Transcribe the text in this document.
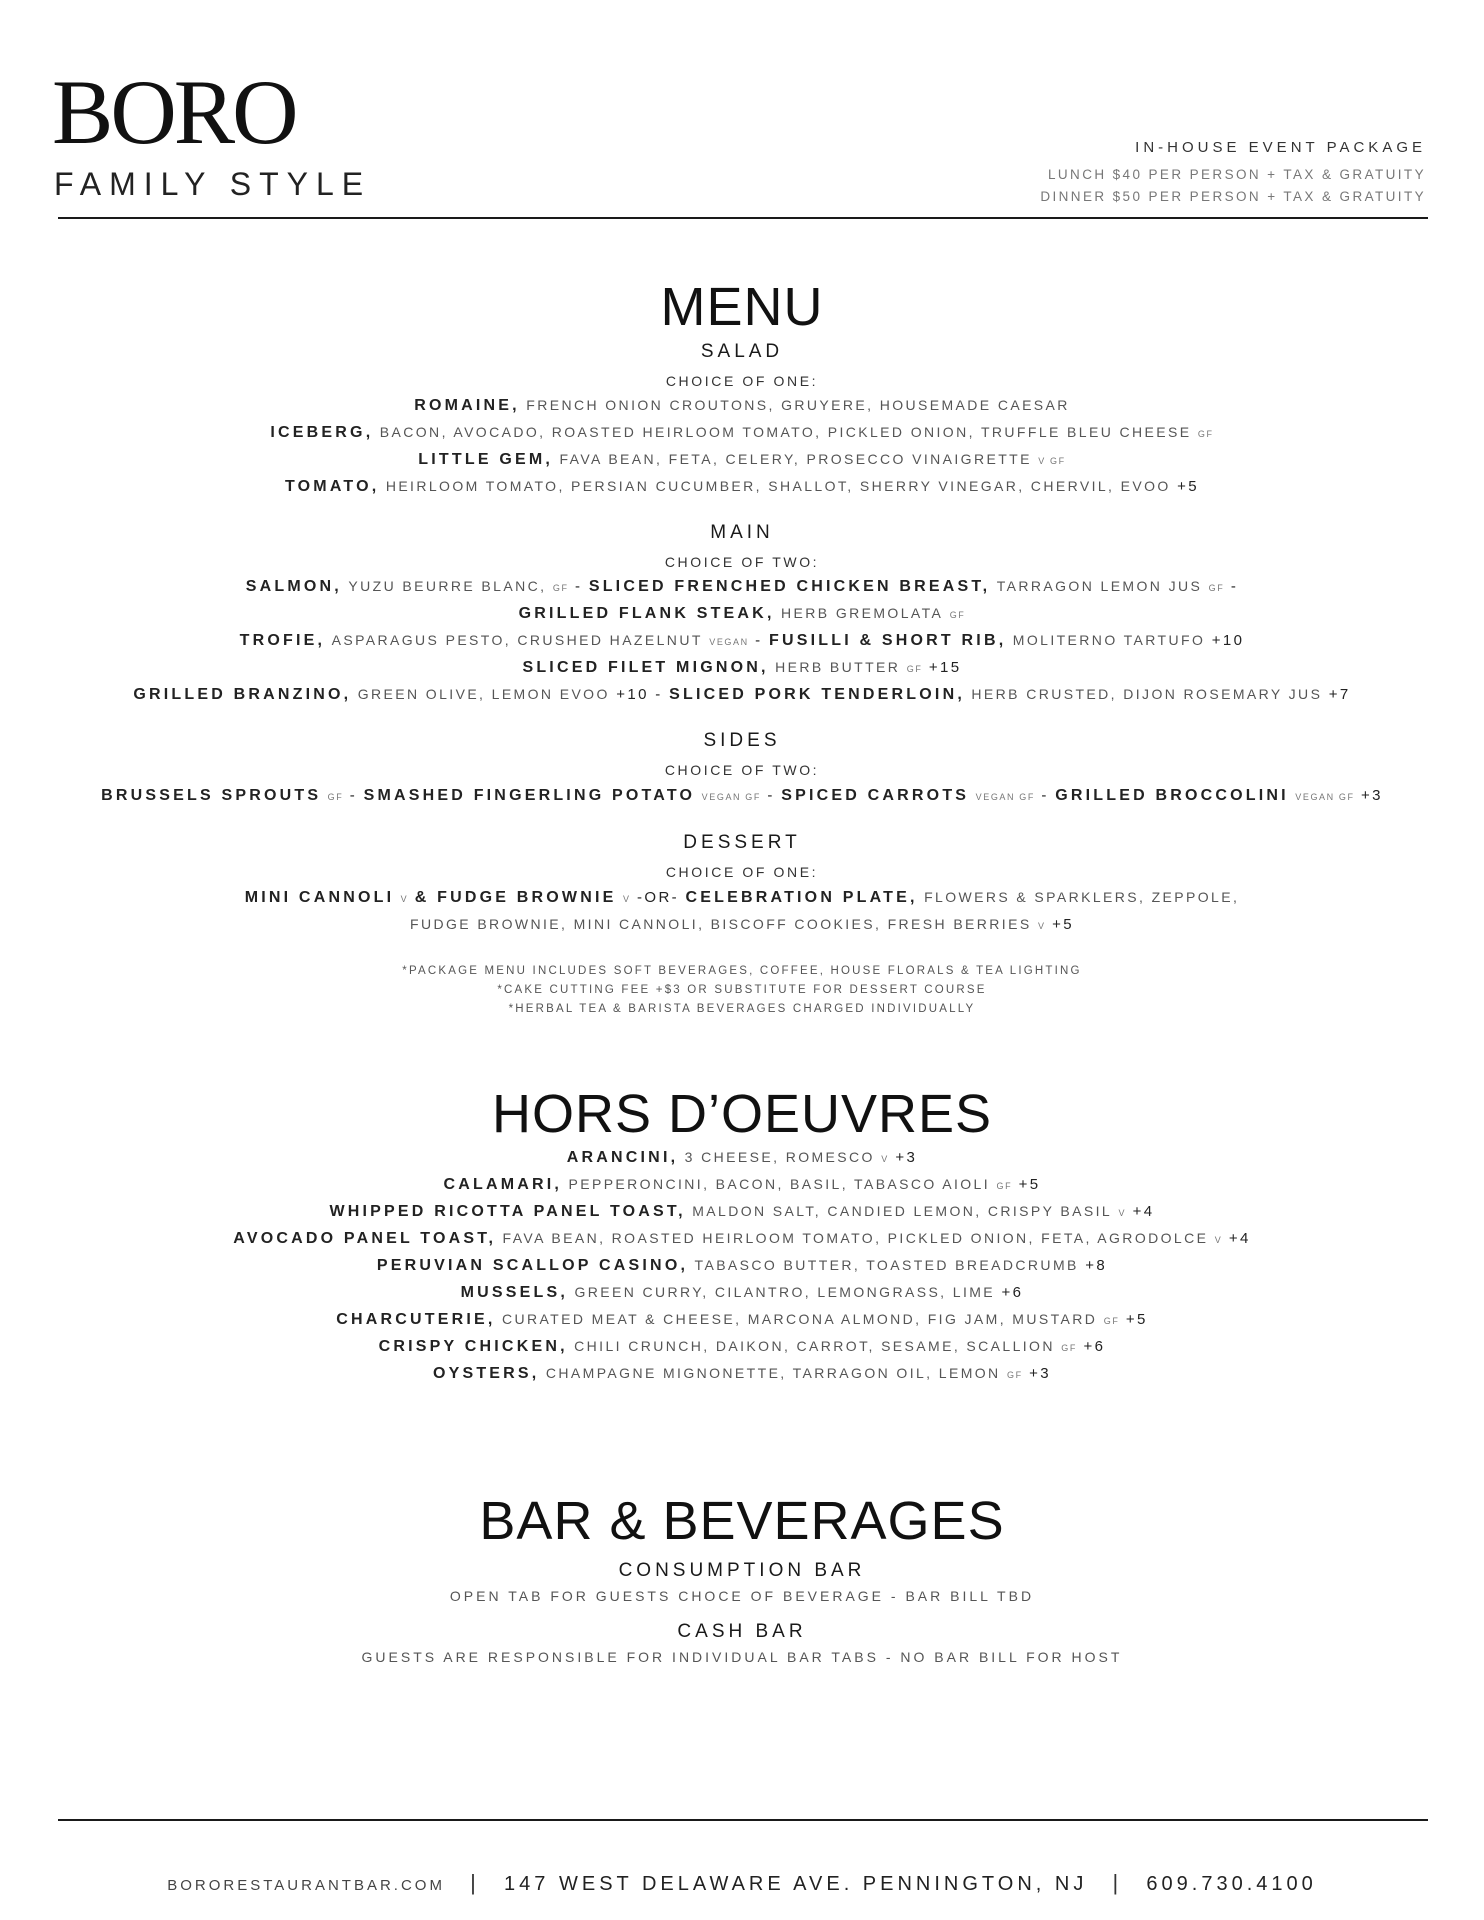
BORO
FAMILY STYLE
IN-HOUSE EVENT PACKAGE
LUNCH $40 PER PERSON + TAX & GRATUITY
DINNER $50 PER PERSON + TAX & GRATUITY
MENU
SALAD
CHOICE OF ONE:
ROMAINE, FRENCH ONION CROUTONS, GRUYERE, HOUSEMADE CAESAR
ICEBERG, BACON, AVOCADO, ROASTED HEIRLOOM TOMATO, PICKLED ONION, TRUFFLE BLEU CHEESE GF
LITTLE GEM, FAVA BEAN, FETA, CELERY, PROSECCO VINAIGRETTE V GF
TOMATO, HEIRLOOM TOMATO, PERSIAN CUCUMBER, SHALLOT, SHERRY VINEGAR, CHERVIL, EVOO +5
MAIN
CHOICE OF TWO:
SALMON, YUZU BEURRE BLANC, GF - SLICED FRENCHED CHICKEN BREAST, TARRAGON LEMON JUS GF -
GRILLED FLANK STEAK, HERB GREMOLATA GF
TROFIE, ASPARAGUS PESTO, CRUSHED HAZELNUT VEGAN - FUSILLI & SHORT RIB, MOLITERNO TARTUFO +10
SLICED FILET MIGNON, HERB BUTTER GF +15
GRILLED BRANZINO, GREEN OLIVE, LEMON EVOO +10 - SLICED PORK TENDERLOIN, HERB CRUSTED, DIJON ROSEMARY JUS +7
SIDES
CHOICE OF TWO:
BRUSSELS SPROUTS GF - SMASHED FINGERLING POTATO VEGAN GF - SPICED CARROTS VEGAN GF - GRILLED BROCCOLINI VEGAN GF +3
DESSERT
CHOICE OF ONE:
MINI CANNOLI V & FUDGE BROWNIE V -OR- CELEBRATION PLATE, FLOWERS & SPARKLERS, ZEPPOLE,
FUDGE BROWNIE, MINI CANNOLI, BISCOFF COOKIES, FRESH BERRIES V +5
*PACKAGE MENU INCLUDES SOFT BEVERAGES, COFFEE, HOUSE FLORALS & TEA LIGHTING
*CAKE CUTTING FEE +$3 OR SUBSTITUTE FOR DESSERT COURSE
*HERBAL TEA & BARISTA BEVERAGES CHARGED INDIVIDUALLY
HORS D’OEUVRES
ARANCINI, 3 CHEESE, ROMESCO V +3
CALAMARI, PEPPERONCINI, BACON, BASIL, TABASCO AIOLI GF +5
WHIPPED RICOTTA PANEL TOAST, MALDON SALT, CANDIED LEMON, CRISPY BASIL V +4
AVOCADO PANEL TOAST, FAVA BEAN, ROASTED HEIRLOOM TOMATO, PICKLED ONION, FETA, AGRODOLCE V +4
PERUVIAN SCALLOP CASINO, TABASCO BUTTER, TOASTED BREADCRUMB +8
MUSSELS, GREEN CURRY, CILANTRO, LEMONGRASS, LIME +6
CHARCUTERIE, CURATED MEAT & CHEESE, MARCONA ALMOND, FIG JAM, MUSTARD GF +5
CRISPY CHICKEN, CHILI CRUNCH, DAIKON, CARROT, SESAME, SCALLION GF +6
OYSTERS, CHAMPAGNE MIGNONETTE, TARRAGON OIL, LEMON GF +3
BAR & BEVERAGES
CONSUMPTION BAR
OPEN TAB FOR GUESTS CHOCE OF BEVERAGE - BAR BILL TBD
CASH BAR
GUESTS ARE RESPONSIBLE FOR INDIVIDUAL BAR TABS - NO BAR BILL FOR HOST
BORORESTAURANTBAR.COM | 147 WEST DELAWARE AVE. PENNINGTON, NJ | 609.730.4100
